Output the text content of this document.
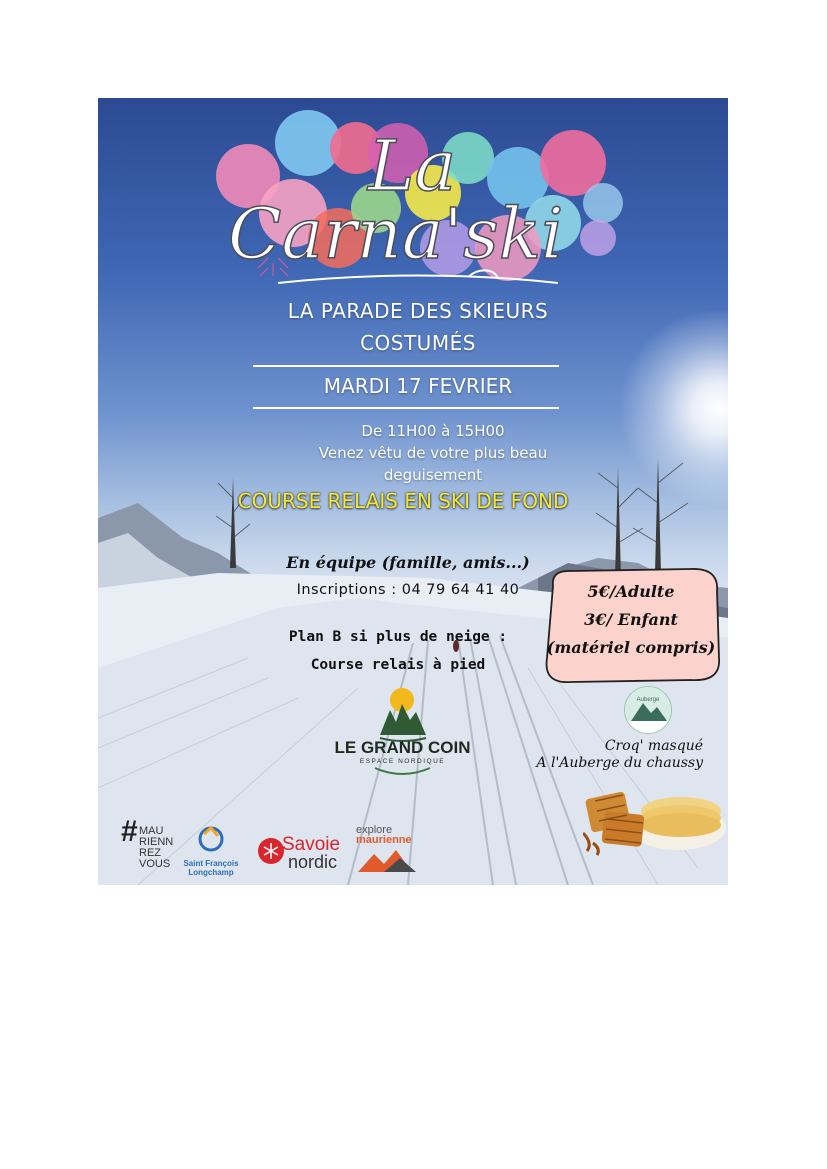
La
Carna'ski
LA PARADE DES SKIEURS COSTUMÉS
MARDI 17 FEVRIER
De 11H00 à 15H00
Venez vêtu de votre plus beau
deguisement
COURSE RELAIS EN SKI DE FOND
En équipe (famille, amis...)
Inscriptions : 04 79 64 41 40
Plan B si plus de neige :
Course relais à pied
5€/Adulte
3€/ Enfant
(matériel compris)
LE GRAND COIN
ESPACE NORDIQUE
Auberge
Croq' masqué
A l'Auberge du chaussy
# MAU
RIENN
REZ
VOUS	Saint François
Longchamp
Savoie
nordic
explore
maurienne
